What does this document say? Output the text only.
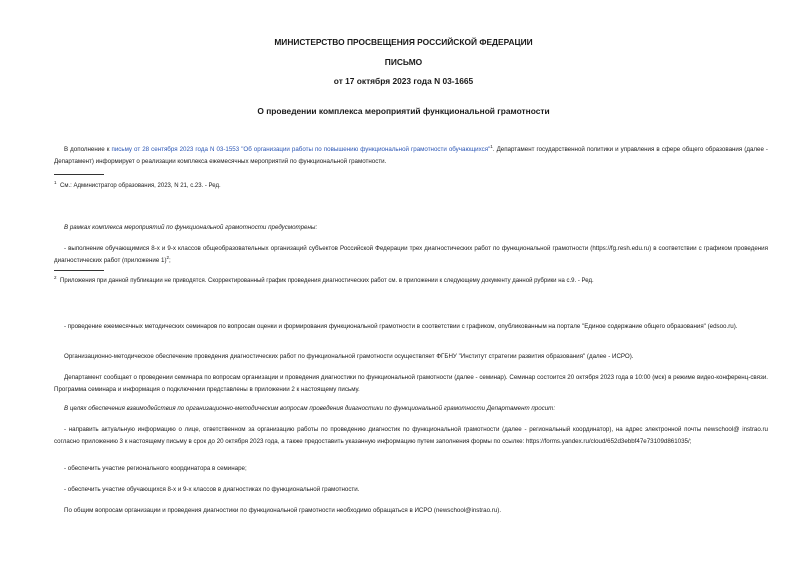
МИНИСТЕРСТВО ПРОСВЕЩЕНИЯ РОССИЙСКОЙ ФЕДЕРАЦИИ
ПИСЬМО
от 17 октября 2023 года N 03-1665
О проведении комплекса мероприятий функциональной грамотности
В дополнение к письму от 28 сентября 2023 года N 03-1553 "Об организации работы по повышению функциональной грамотности обучающихся"$^1$. Департамент государственной политики и управления в сфере общего образования (далее - Департамент) информирует о реализации комплекса ежемесячных мероприятий по функциональной грамотности.
$^1$См.: Администратор образования, 2023, N 21, с.23. - Ред.
В рамках комплекса мероприятий по функциональной грамотности предусмотрены:
- выполнение обучающимися 8-х и 9-х классов общеобразовательных организаций субъектов Российской Федерации трех диагностических работ по функциональной грамотности (https://fg.resh.edu.ru) в соответствии с графиком проведения диагностических работ (приложение 1)$^2$;
$^2$Приложения при данной публикации не приводятся. Скорректированный график проведения диагностических работ см. в приложении к следующему документу данной рубрики на с.9. - Ред.
- проведение ежемесячных методических семинаров по вопросам оценки и формирования функциональной грамотности в соответствии с графиком, опубликованным на портале "Единое содержание общего образования" (edsoo.ru).
Организационно-методическое обеспечение проведения диагностических работ по функциональной грамотности осуществляет ФГБНУ "Институт стратегии развития образования" (далее - ИСРО).
Департамент сообщает о проведении семинара по вопросам организации и проведения диагностики по функциональной грамотности (далее - семинар). Семинар состоится 20 октября 2023 года в 10:00 (мск) в режиме видео-конференц-связи. Программа семинара и информация о подключении представлены в приложении 2 к настоящему письму.
В целях обеспечения взаимодействия по организационно-методическим вопросам проведения диагностики по функциональной грамотности Департамент просит:
- направить актуальную информацию о лице, ответственном за организацию работы по проведению диагностик по функциональной грамотности (далее - региональный координатор), на адрес электронной почты newschool@ instrao.ru согласно приложению 3 к настоящему письму в срок до 20 октября 2023 года, а также предоставить указанную информацию путем заполнения формы по ссылке: https://forms.yandex.ru/cloud/652d3ebbf47e73109d861035/;
- обеспечить участие регионального координатора в семинаре;
- обеспечить участие обучающихся 8-х и 9-х классов в диагностиках по функциональной грамотности.
По общим вопросам организации и проведения диагностики по функциональной грамотности необходимо обращаться в ИСРО (newschool@instrao.ru).
